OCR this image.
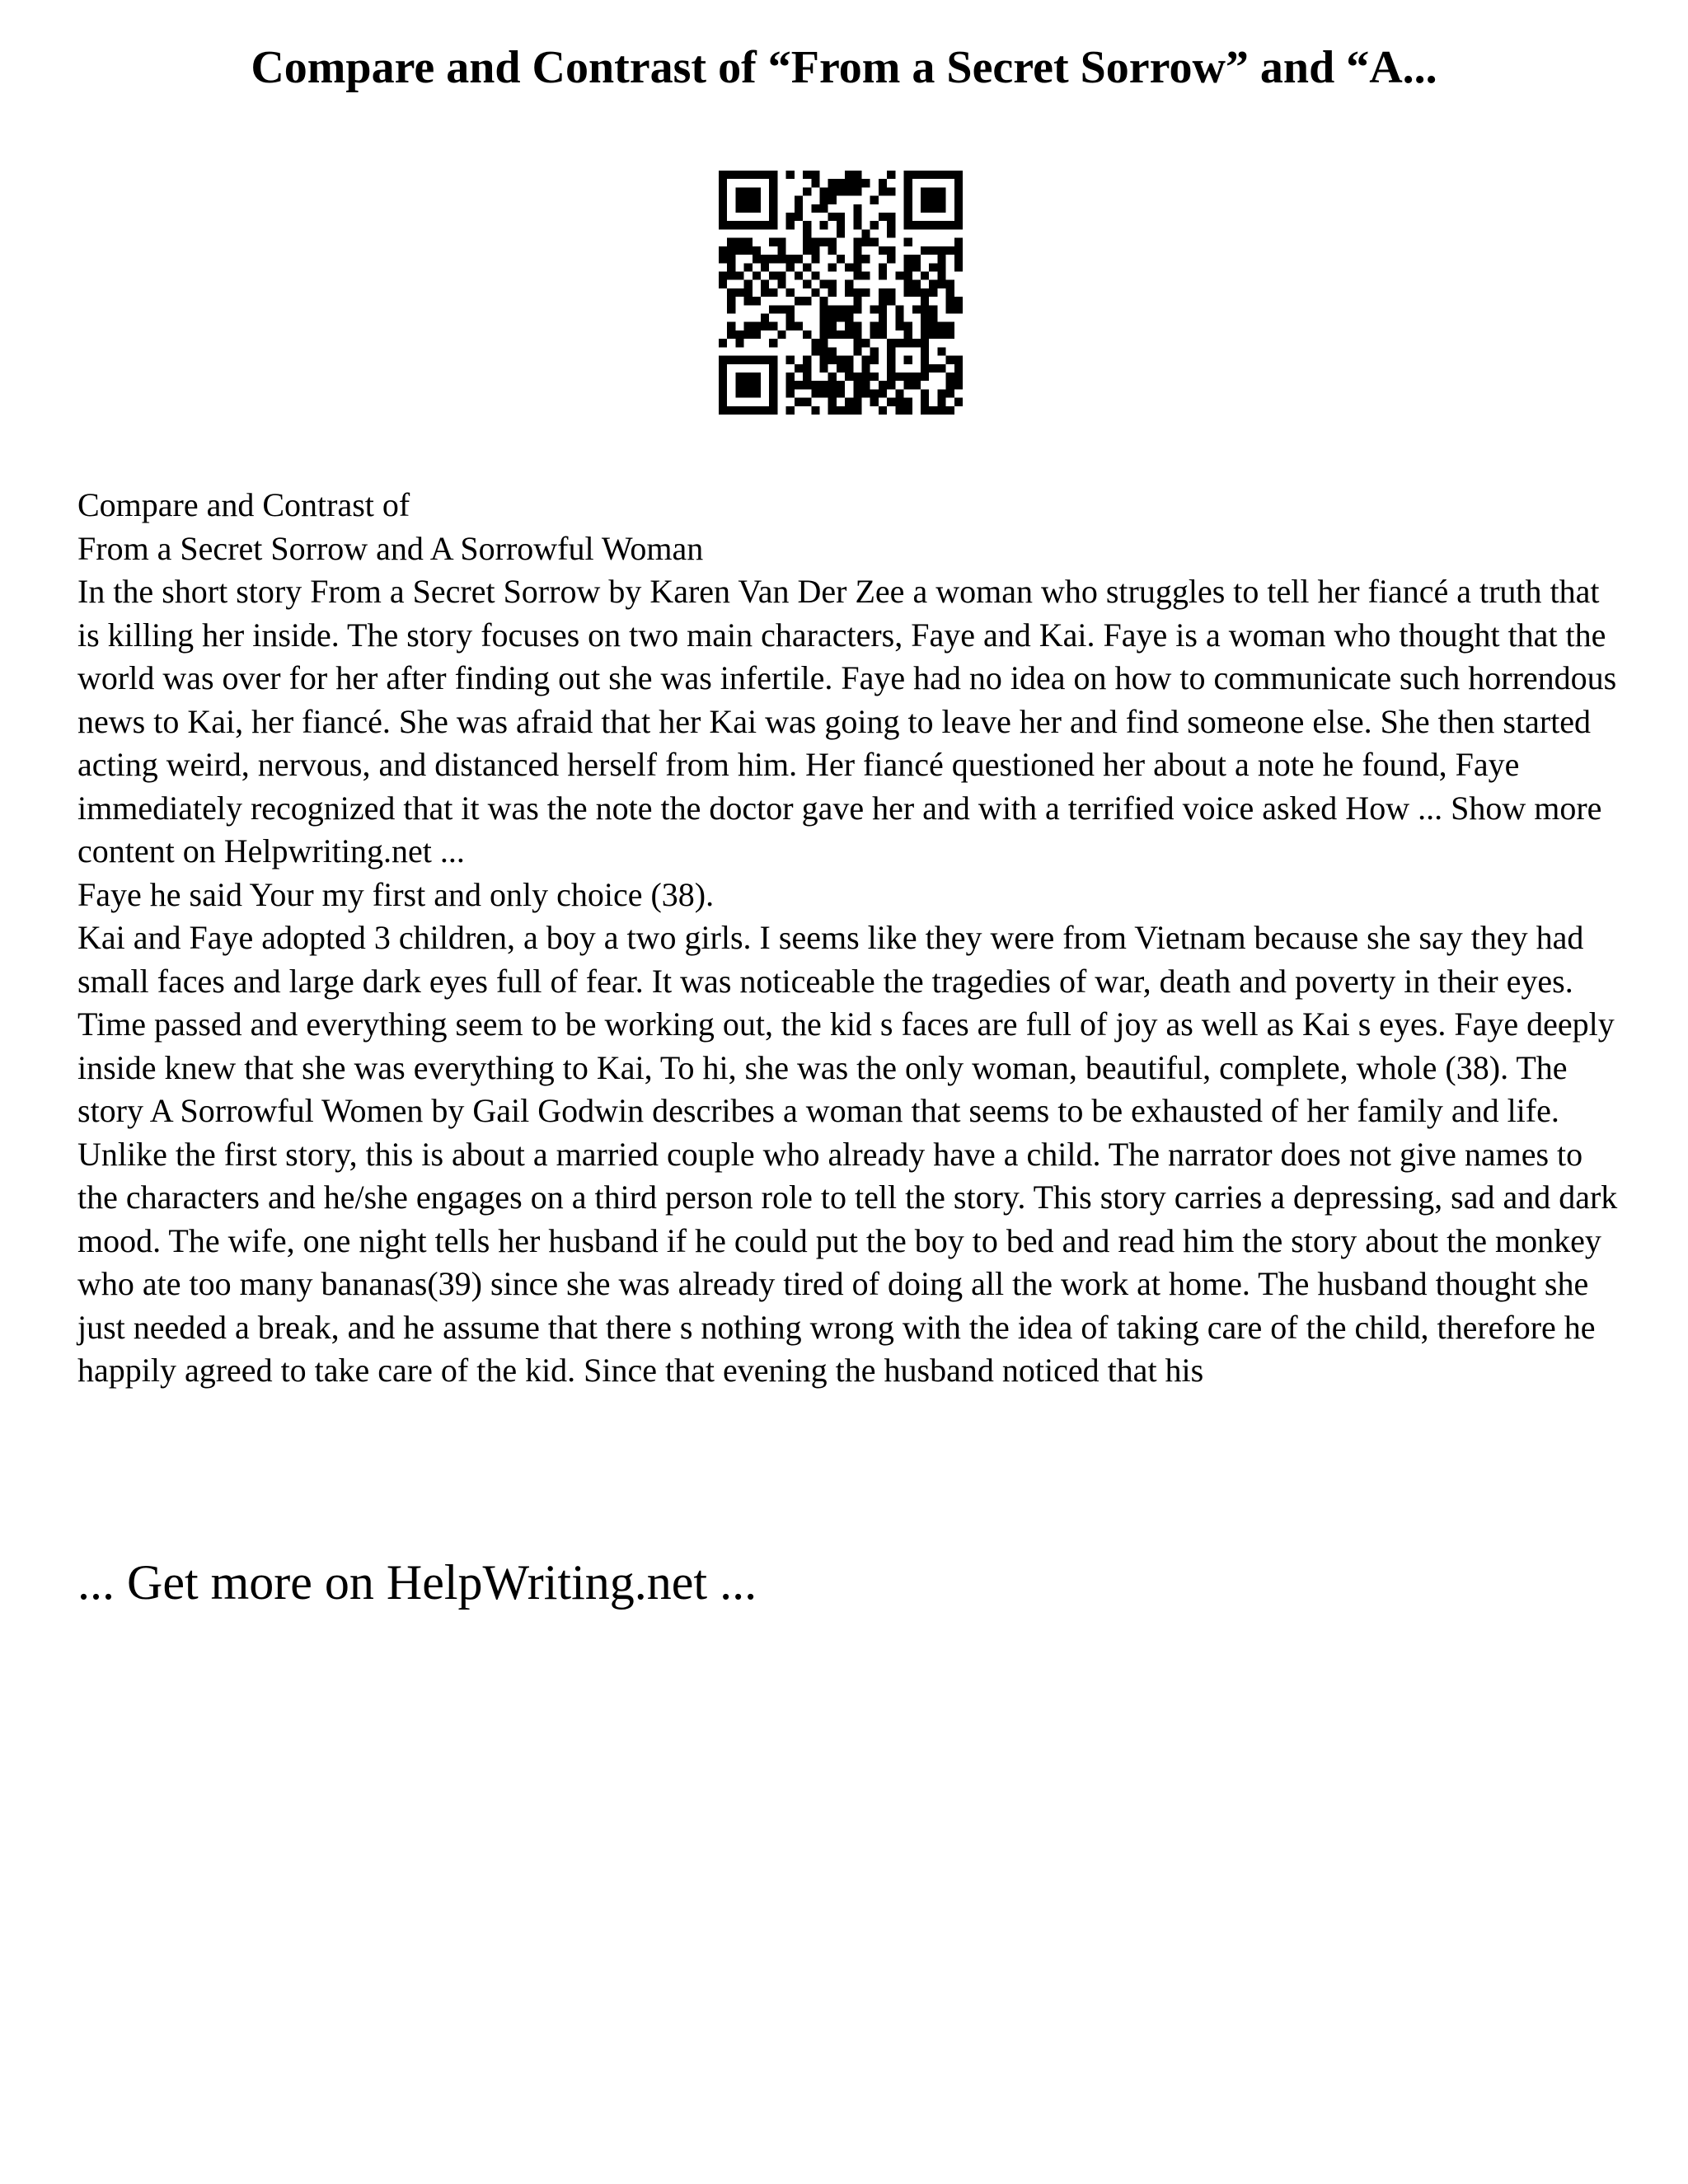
Compare and Contrast of “From a Secret Sorrow” and “A...

Compare and Contrast of

From a Secret Sorrow and A Sorrowful Woman

In the short story From a Secret Sorrow by Karen Van Der Zee a woman who struggles to tell her fiancé a truth that is killing her inside. The story focuses on two main characters, Faye and Kai. Faye is a woman who thought that the world was over for her after finding out she was infertile. Faye had no idea on how to communicate such horrendous news to Kai, her fiancé. She was afraid that her Kai was going to leave her and find someone else. She then started acting weird, nervous, and distanced herself from him. Her fiancé questioned her about a note he found, Faye immediately recognized that it was the note the doctor gave her and with a terrified voice asked How ... Show more content on Helpwriting.net ...

Faye he said Your my first and only choice (38).

Kai and Faye adopted 3 children, a boy a two girls. I seems like they were from Vietnam because she say they had small faces and large dark eyes full of fear. It was noticeable the tragedies of war, death and poverty in their eyes. Time passed and everything seem to be working out, the kid s faces are full of joy as well as Kai s eyes. Faye deeply inside knew that she was everything to Kai, To hi, she was the only woman, beautiful, complete, whole (38). The story A Sorrowful Women by Gail Godwin describes a woman that seems to be exhausted of her family and life. Unlike the first story, this is about a married couple who already have a child. The narrator does not give names to the characters and he/she engages on a third person role to tell the story. This story carries a depressing, sad and dark mood. The wife, one night tells her husband if he could put the boy to bed and read him the story about the monkey who ate too many bananas(39) since she was already tired of doing all the work at home. The husband thought she just needed a break, and he assume that there s nothing wrong with the idea of taking care of the child, therefore he happily agreed to take care of the kid. Since that evening the husband noticed that his

... Get more on HelpWriting.net ...
